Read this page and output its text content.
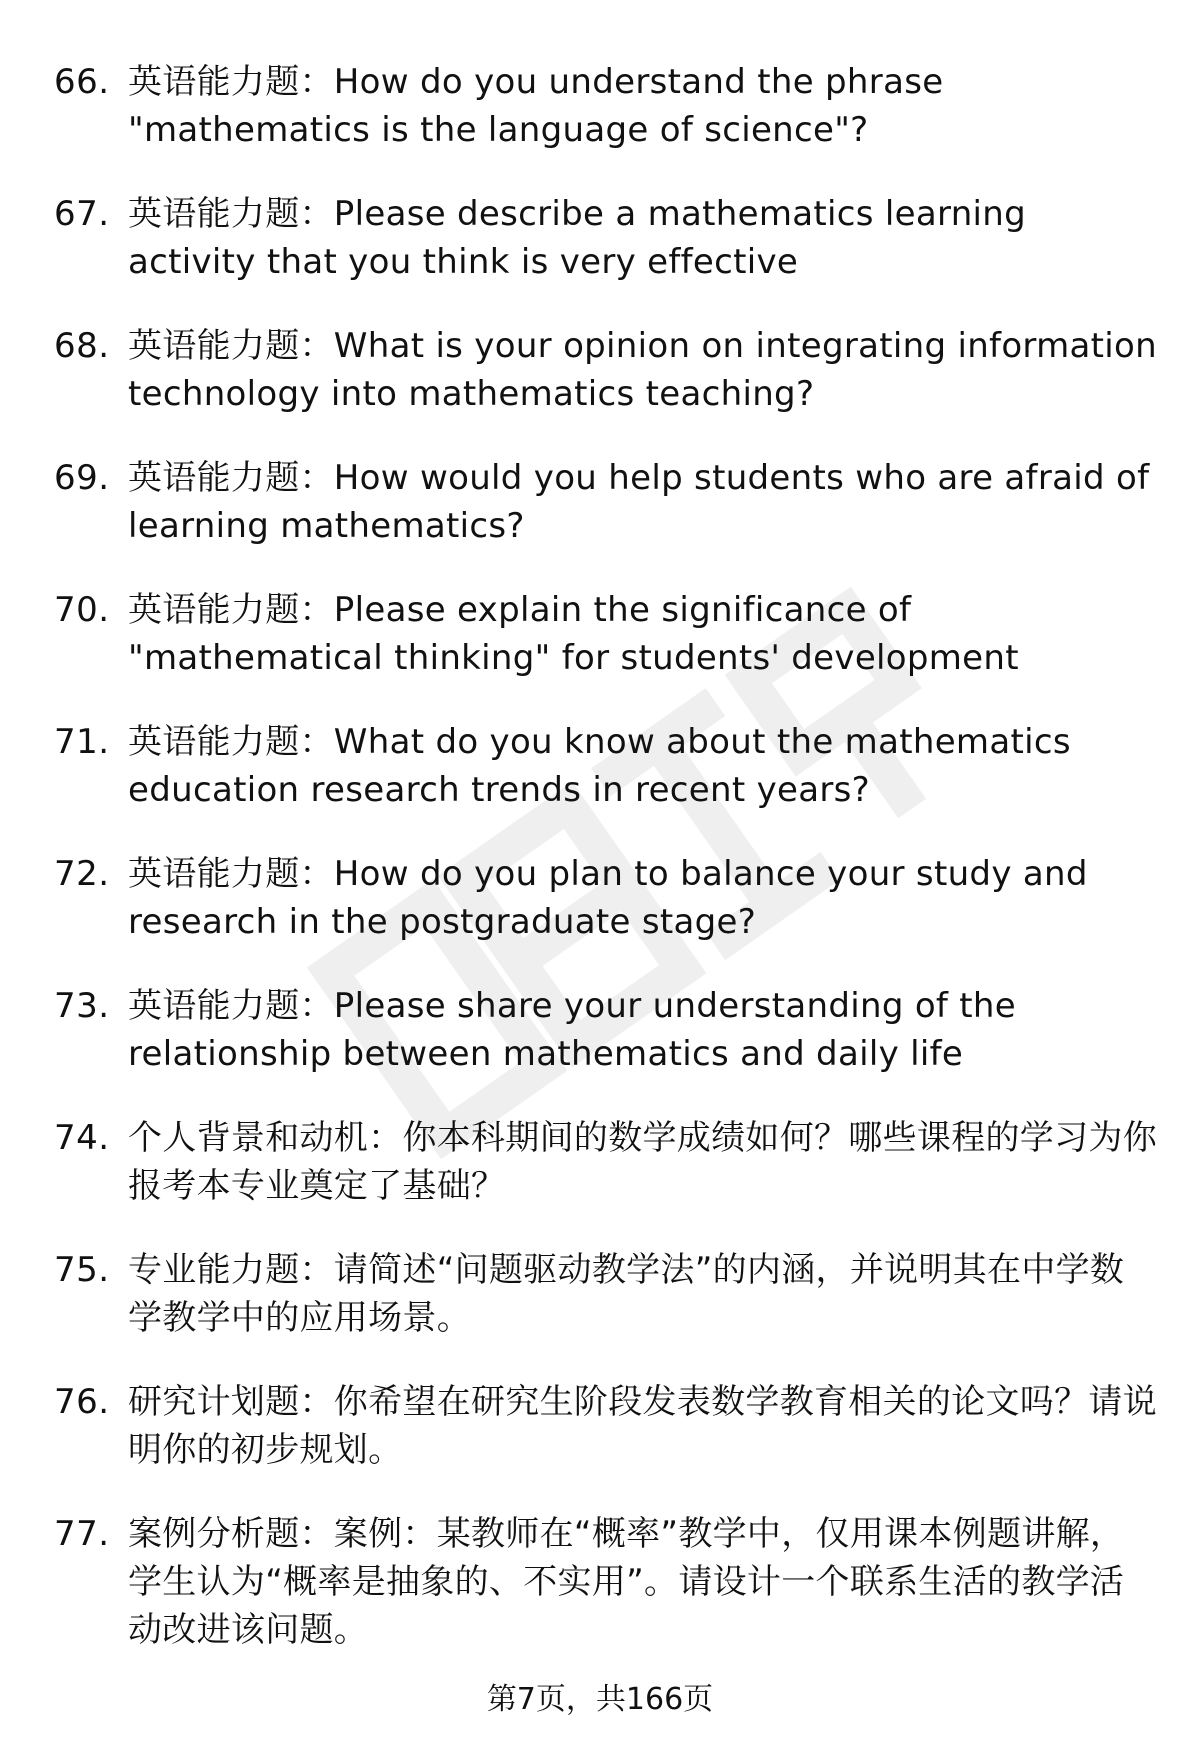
66. 英语能力题：How do you understand the phrase "mathematics is the language of science"?
67. 英语能力题：Please describe a mathematics learning activity that you think is very effective
68. 英语能力题：What is your opinion on integrating information technology into mathematics teaching?
69. 英语能力题：How would you help students who are afraid of learning mathematics?
70. 英语能力题：Please explain the significance of "mathematical thinking" for students' development
71. 英语能力题：What do you know about the mathematics education research trends in recent years?
72. 英语能力题：How do you plan to balance your study and research in the postgraduate stage?
73. 英语能力题：Please share your understanding of the relationship between mathematics and daily life
74. 个人背景和动机：你本科期间的数学成绩如何？哪些课程的学习为你报考本专业奠定了基础？
75. 专业能力题：请简述“问题驱动教学法”的内涵，并说明其在中学数学教学中的应用场景。
76. 研究计划题：你希望在研究生阶段发表数学教育相关的论文吗？请说明你的初步规划。
77. 案例分析题：案例：某教师在“概率”教学中，仅用课本例题讲解，学生认为“概率是抽象的、不实用”。请设计一个联系生活的教学活动改进该问题。
第7页，共166页
